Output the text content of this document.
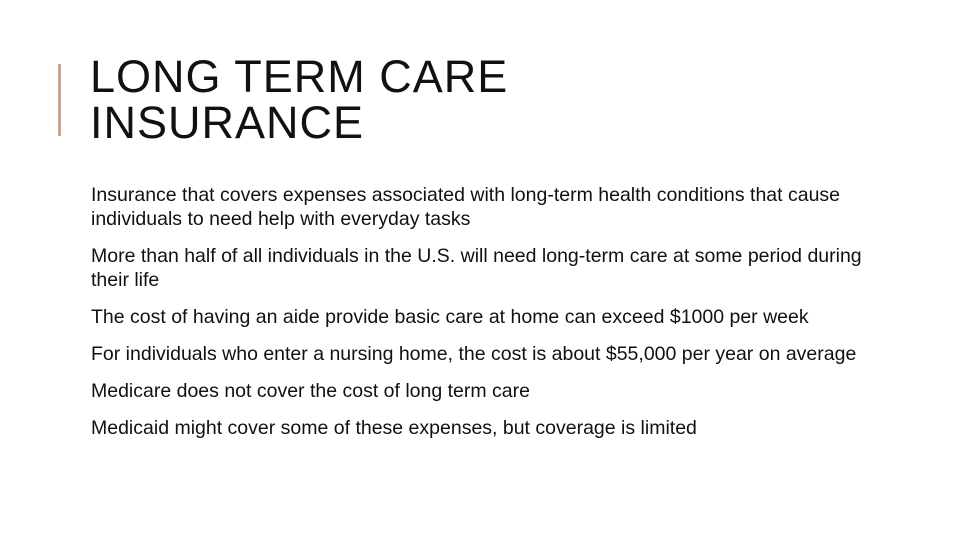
LONG TERM CARE
INSURANCE
Insurance that covers expenses associated with long-term health conditions that cause individuals to need help with everyday tasks
More than half of all individuals in the U.S. will need long-term care at some period during their life
The cost of having an aide provide basic care at home can exceed $1000 per week
For individuals who enter a nursing home, the cost is about $55,000 per year on average
Medicare does not cover the cost of long term care
Medicaid might cover some of these expenses, but coverage is limited
